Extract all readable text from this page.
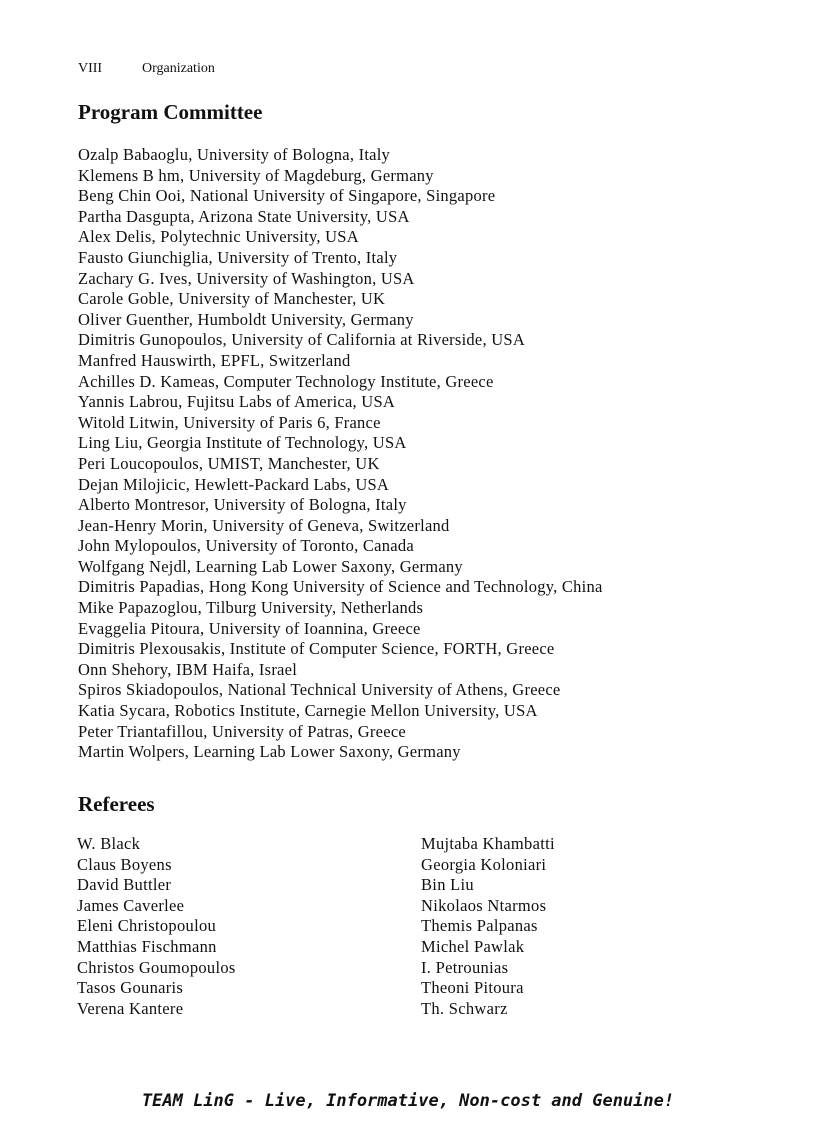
VIII	Organization
Program Committee
Ozalp Babaoglu, University of Bologna, Italy
Klemens B hm, University of Magdeburg, Germany
Beng Chin Ooi, National University of Singapore, Singapore
Partha Dasgupta, Arizona State University, USA
Alex Delis, Polytechnic University, USA
Fausto Giunchiglia, University of Trento, Italy
Zachary G. Ives, University of Washington, USA
Carole Goble, University of Manchester, UK
Oliver Guenther, Humboldt University, Germany
Dimitris Gunopoulos, University of California at Riverside, USA
Manfred Hauswirth, EPFL, Switzerland
Achilles D. Kameas, Computer Technology Institute, Greece
Yannis Labrou, Fujitsu Labs of America, USA
Witold Litwin, University of Paris 6, France
Ling Liu, Georgia Institute of Technology, USA
Peri Loucopoulos, UMIST, Manchester, UK
Dejan Milojicic, Hewlett-Packard Labs, USA
Alberto Montresor, University of Bologna, Italy
Jean-Henry Morin, University of Geneva, Switzerland
John Mylopoulos, University of Toronto, Canada
Wolfgang Nejdl, Learning Lab Lower Saxony, Germany
Dimitris Papadias, Hong Kong University of Science and Technology, China
Mike Papazoglou, Tilburg University, Netherlands
Evaggelia Pitoura, University of Ioannina, Greece
Dimitris Plexousakis, Institute of Computer Science, FORTH, Greece
Onn Shehory, IBM Haifa, Israel
Spiros Skiadopoulos, National Technical University of Athens, Greece
Katia Sycara, Robotics Institute, Carnegie Mellon University, USA
Peter Triantafillou, University of Patras, Greece
Martin Wolpers, Learning Lab Lower Saxony, Germany
Referees
W. Black
Claus Boyens
David Buttler
James Caverlee
Eleni Christopoulou
Matthias Fischmann
Christos Goumopoulos
Tasos Gounaris
Verena Kantere
Mujtaba Khambatti
Georgia Koloniari
Bin Liu
Nikolaos Ntarmos
Themis Palpanas
Michel Pawlak
I. Petrounias
Theoni Pitoura
Th. Schwarz
TEAM LinG - Live, Informative, Non-cost and Genuine!
